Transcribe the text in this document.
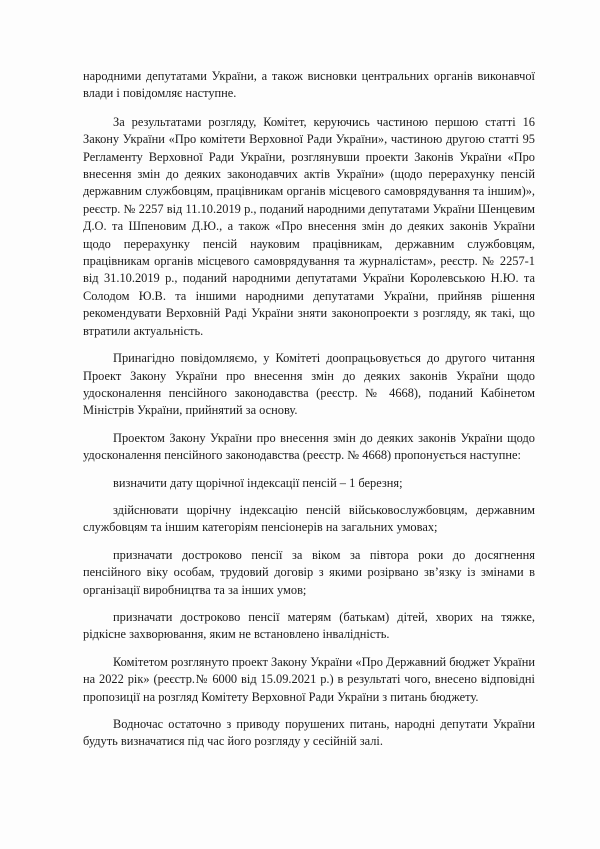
народними депутатами України, а також висновки центральних органів виконавчої влади і повідомляє наступне.

За результатами розгляду, Комітет, керуючись частиною першою статті 16 Закону України «Про комітети Верховної Ради України», частиною другою статті 95 Регламенту Верховної Ради України, розглянувши проекти Законів України «Про внесення змін до деяких законодавчих актів України» (щодо перерахунку пенсій державним службовцям, працівникам органів місцевого самоврядування та іншим)», реєстр. № 2257 від 11.10.2019 р., поданий народними депутатами України Шенцевим Д.О. та Шпеновим Д.Ю., а також «Про внесення змін до деяких законів України щодо перерахунку пенсій науковим працівникам, державним службовцям, працівникам органів місцевого самоврядування та журналістам», реєстр. № 2257-1 від 31.10.2019 р., поданий народними депутатами України Королевською Н.Ю. та Солодом Ю.В. та іншими народними депутатами України, прийняв рішення рекомендувати Верховній Раді України зняти законопроекти з розгляду, як такі, що втратили актуальність.

Принагідно повідомляємо, у Комітеті доопрацьовується до другого читання Проект Закону України про внесення змін до деяких законів України щодо удосконалення пенсійного законодавства (реєстр. № 4668), поданий Кабінетом Міністрів України, прийнятий за основу.

Проектом Закону України про внесення змін до деяких законів України щодо удосконалення пенсійного законодавства (реєстр. № 4668) пропонується наступне:

визначити дату щорічної індексації пенсій – 1 березня;

здійснювати щорічну індексацію пенсій військовослужбовцям, державним службовцям та іншим категоріям пенсіонерів на загальних умовах;

призначати достроково пенсії за віком за півтора роки до досягнення пенсійного віку особам, трудовий договір з якими розірвано зв’язку із змінами в організації виробництва та за інших умов;

призначати достроково пенсії матерям (батькам) дітей, хворих на тяжке, рідкісне захворювання, яким не встановлено інвалідність.

Комітетом розглянуто проект Закону України «Про Державний бюджет України на 2022 рік» (реєстр.№ 6000 від 15.09.2021 р.) в результаті чого, внесено відповідні пропозиції на розгляд Комітету Верховної Ради України з питань бюджету.

Водночас остаточно з приводу порушених питань, народні депутати України будуть визначатися під час його розгляду у сесійній залі.
